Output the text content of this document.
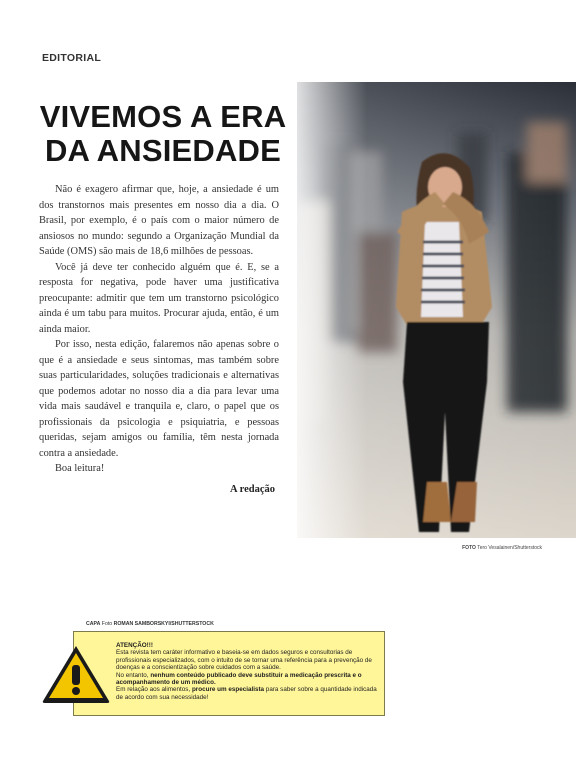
EDITORIAL
VIVEMOS A ERA DA ANSIEDADE

Não é exagero afirmar que, hoje, a ansiedade é um dos transtornos mais presentes em nosso dia a dia. O Brasil, por exemplo, é o país com o maior número de ansiosos no mundo: segundo a Organização Mundial da Saúde (OMS) são mais de 18,6 milhões de pessoas.

Você já deve ter conhecido alguém que é. E, se a resposta for negativa, pode haver uma justificativa preocupante: admitir que tem um transtorno psicológico ainda é um tabu para muitos. Procurar ajuda, então, é um ainda maior.

Por isso, nesta edição, falaremos não apenas sobre o que é a ansiedade e seus sintomas, mas também sobre suas particularidades, soluções tradicionais e alternativas que podemos adotar no nosso dia a dia para levar uma vida mais saudável e tranquila e, claro, o papel que os profissionais da psicologia e psiquiatria, e pessoas queridas, sejam amigos ou família, têm nesta jornada contra a ansiedade.

Boa leitura!

A redação
FOTO Tero Vesalainen/Shutterstock
CAPA Foto ROMAN SAMBORSKYI/SHUTTERSTOCK
ATENÇÃO!!!
Esta revista tem caráter informativo e baseia-se em dados seguros e consultorias de profissionais especializados, com o intuito de se tornar uma referência para a prevenção de doenças e a conscientização sobre cuidados com a saúde.
No entanto, nenhum conteúdo publicado deve substituir a medicação prescrita e o acompanhamento de um médico.
Em relação aos alimentos, procure um especialista para saber sobre a quantidade indicada de acordo com sua necessidade!
